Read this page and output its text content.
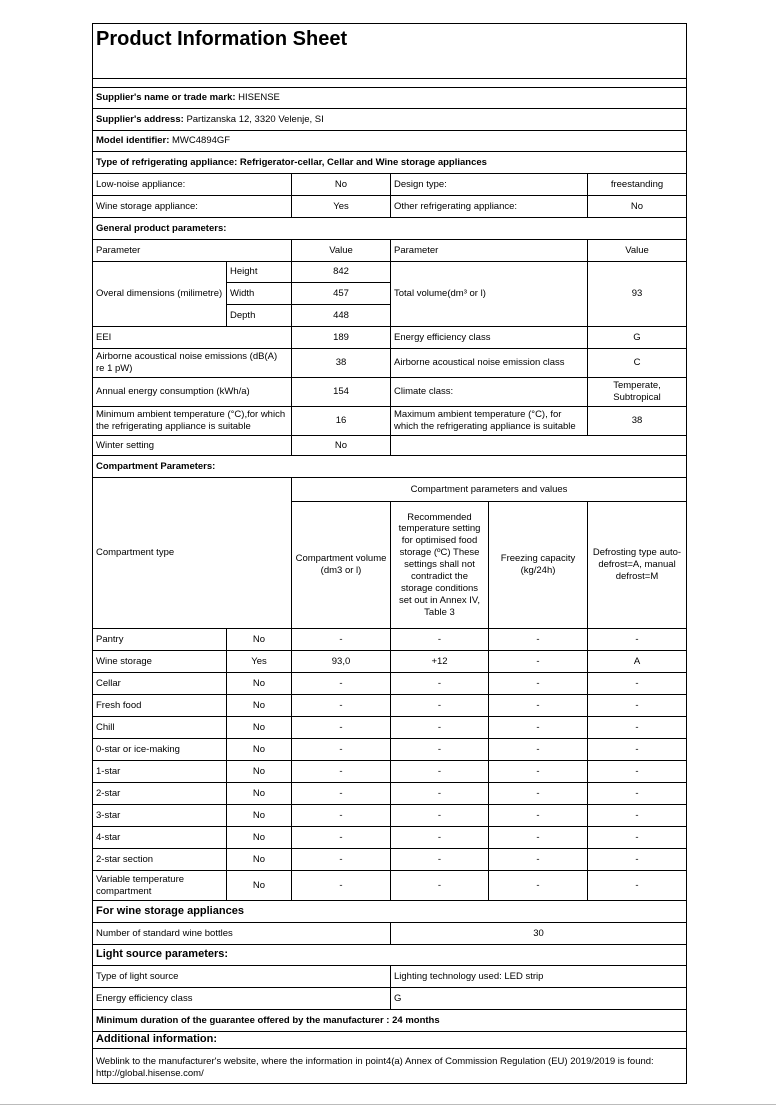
Product Information Sheet					

Supplier's name or trade mark: HISENSE					
Supplier's address: Partizanska 12, 3320 Velenje, SI					
Model identifier: MWC4894GF					
Type of refrigerating appliance: Refrigerator-cellar, Cellar and Wine storage appliances					
Low-noise appliance:		No	Design type:		freestanding
Wine storage appliance:		Yes	Other refrigerating appliance:		No
General product parameters:					
Parameter		Value	Parameter		Value
Overal dimensions (milimetre)	Height	842	Total volume(dm³ or l)		93
	Width	457			
	Depth	448			
EEI		189	Energy efficiency class		G
Airborne acoustical noise emissions (dB(A) re 1 pW)		38	Airborne acoustical noise emission class		C
Annual energy consumption (kWh/a)		154	Climate class:		Temperate, Subtropical
Minimum ambient temperature (°C),for which the refrigerating appliance is suitable		16	Maximum ambient temperature (°C), for which the refrigerating appliance is suitable		38
Winter setting		No			
Compartment Parameters:					
Compartment type		Compartment parameters and values			
		Compartment volume (dm3 or l)	Recommended temperature setting for optimised food storage (ºC) These settings shall not contradict the storage conditions set out in Annex IV, Table 3	Freezing capacity (kg/24h)	Defrosting type auto-defrost=A, manual defrost=M
Pantry	No	-	-	-	-
Wine storage	Yes	93,0	+12	-	A
Cellar	No	-	-	-	-
Fresh food	No	-	-	-	-
Chill	No	-	-	-	-
0-star or ice-making	No	-	-	-	-
1-star	No	-	-	-	-
2-star	No	-	-	-	-
3-star	No	-	-	-	-
4-star	No	-	-	-	-
2-star section	No	-	-	-	-
Variable temperature compartment	No	-	-	-	-
For wine storage appliances					
Number of standard wine bottles			30		
Light source parameters:					
Type of light source			Lighting technology used: LED strip		
Energy efficiency class			G		
Minimum duration of the guarantee offered by the manufacturer : 24 months					
Additional information:					

Weblink to the manufacturer's website, where the information in point4(a) Annex of Commission Regulation (EU) 2019/2019 is found: http://global.hisense.com/					
